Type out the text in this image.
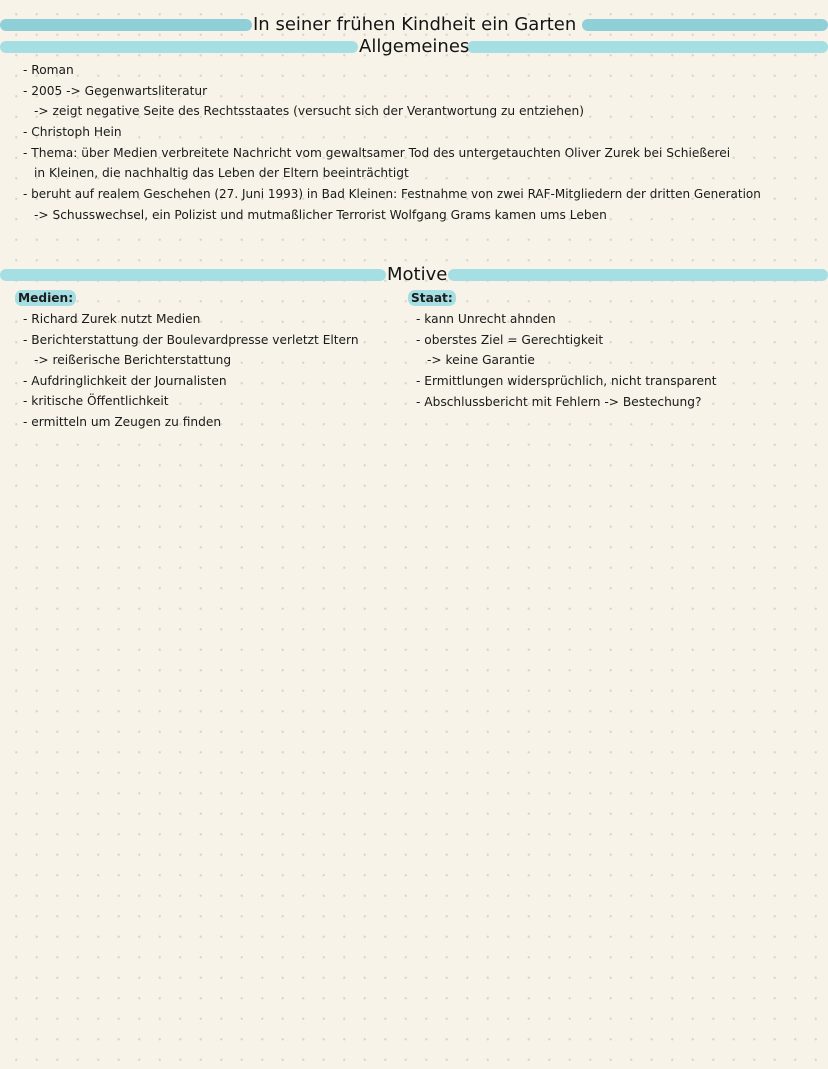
In seiner frühen Kindheit ein Garten
Allgemeines
- Roman
- 2005 -> Gegenwartsliteratur
-> zeigt negative Seite des Rechtsstaates (versucht sich der Verantwortung zu entziehen)
- Christoph Hein
- Thema: über Medien verbreitete Nachricht vom gewaltsamer Tod des untergetauchten Oliver Zurek bei Schießerei
in Kleinen, die nachhaltig das Leben der Eltern beeinträchtigt
- beruht auf realem Geschehen (27. Juni 1993) in Bad Kleinen: Festnahme von zwei RAF-Mitgliedern der dritten Generation
-> Schusswechsel, ein Polizist und mutmaßlicher Terrorist Wolfgang Grams kamen ums Leben
Motive
Medien:
- Richard Zurek nutzt Medien
- Berichterstattung der Boulevardpresse verletzt Eltern
-> reißerische Berichterstattung
- Aufdringlichkeit der Journalisten
- kritische Öffentlichkeit
- ermitteln um Zeugen zu finden
Staat:
- kann Unrecht ahnden
- oberstes Ziel = Gerechtigkeit
-> keine Garantie
- Ermittlungen widersprüchlich, nicht transparent
- Abschlussbericht mit Fehlern -> Bestechung?
